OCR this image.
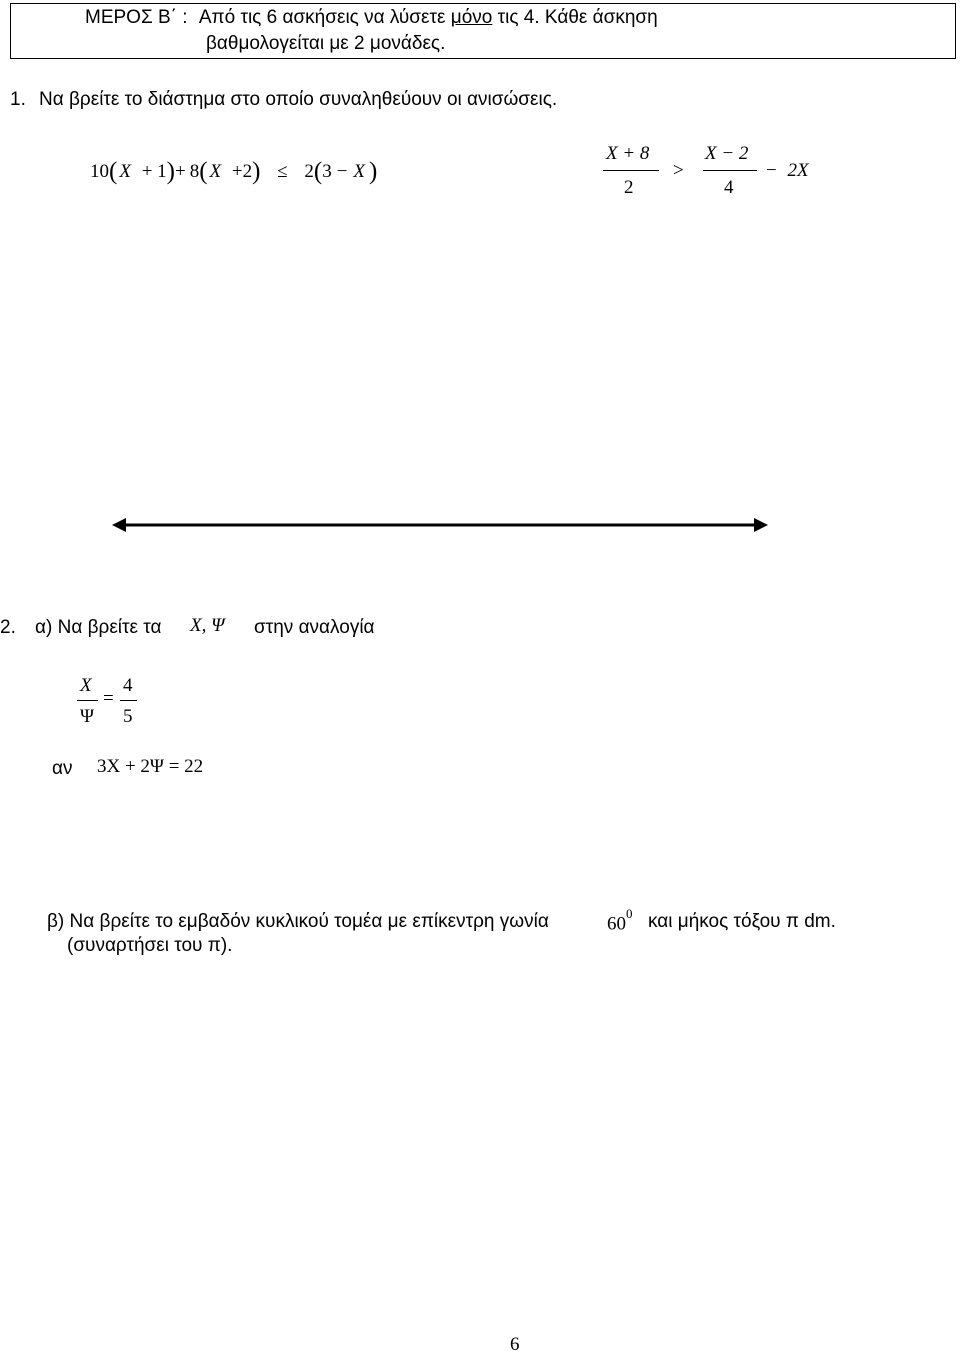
ΜΕΡΟΣ Β΄ : Από τις 6 ασκήσεις να λύσετε μόνο τις 4. Κάθε άσκηση
βαθμολογείται με 2 μονάδες.
1. Να βρείτε το διάστημα στο οποίο συναληθεύουν οι ανισώσεις.
10( X + 1)+ 8( X +2) ≤ 2(3 − X )
X + 8
2
>
X − 2
4
− 2X
2. α) Να βρείτε τα X, Ψ στην αναλογία
X
Ψ
=
4
5
αν 3X + 2Ψ = 22
β) Να βρείτε το εμβαδόν κυκλικού τομέα με επίκεντρη γωνία	$60^0$ και μήκος τόξου π dm.
(συναρτήσει του π).
6
